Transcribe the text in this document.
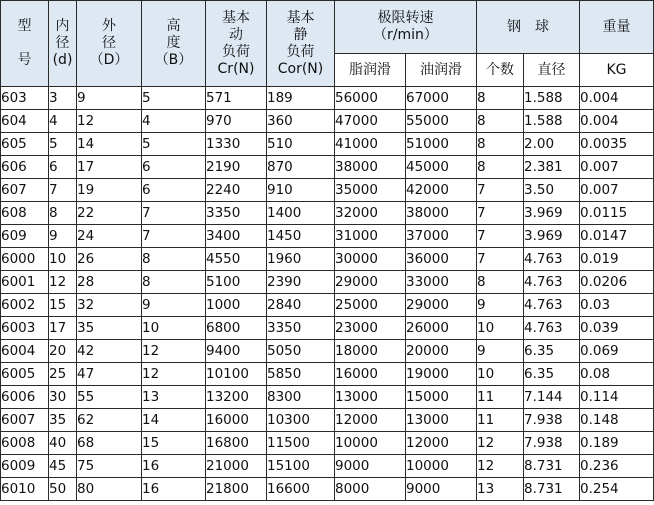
型

号	内
径
(d)	外
径
（D）	高
度
（B）	基本
动
负荷
Cr(N)	基本
静
负荷
Cor(N)	极限转速
（r/min）		钢　球		重量

						脂润滑	油润滑	个数	直径	KG

603	3	9	5	571	189	56000	67000	8	1.588	0.004
604	4	12	4	970	360	47000	55000	8	1.588	0.004
605	5	14	5	1330	510	41000	51000	8	2.00	0.0035
606	6	17	6	2190	870	38000	45000	8	2.381	0.007
607	7	19	6	2240	910	35000	42000	7	3.50	0.007
608	8	22	7	3350	1400	32000	38000	7	3.969	0.0115
609	9	24	7	3400	1450	31000	37000	7	3.969	0.0147
6000	10	26	8	4550	1960	30000	36000	7	4.763	0.019
6001	12	28	8	5100	2390	29000	33000	8	4.763	0.0206
6002	15	32	9	1000	2840	25000	29000	9	4.763	0.03
6003	17	35	10	6800	3350	23000	26000	10	4.763	0.039
6004	20	42	12	9400	5050	18000	20000	9	6.35	0.069
6005	25	47	12	10100	5850	16000	19000	10	6.35	0.08
6006	30	55	13	13200	8300	13000	15000	11	7.144	0.114
6007	35	62	14	16000	10300	12000	13000	11	7.938	0.148
6008	40	68	15	16800	11500	10000	12000	12	7.938	0.189
6009	45	75	16	21000	15100	9000	10000	12	8.731	0.236
6010	50	80	16	21800	16600	8000	9000	13	8.731	0.254
